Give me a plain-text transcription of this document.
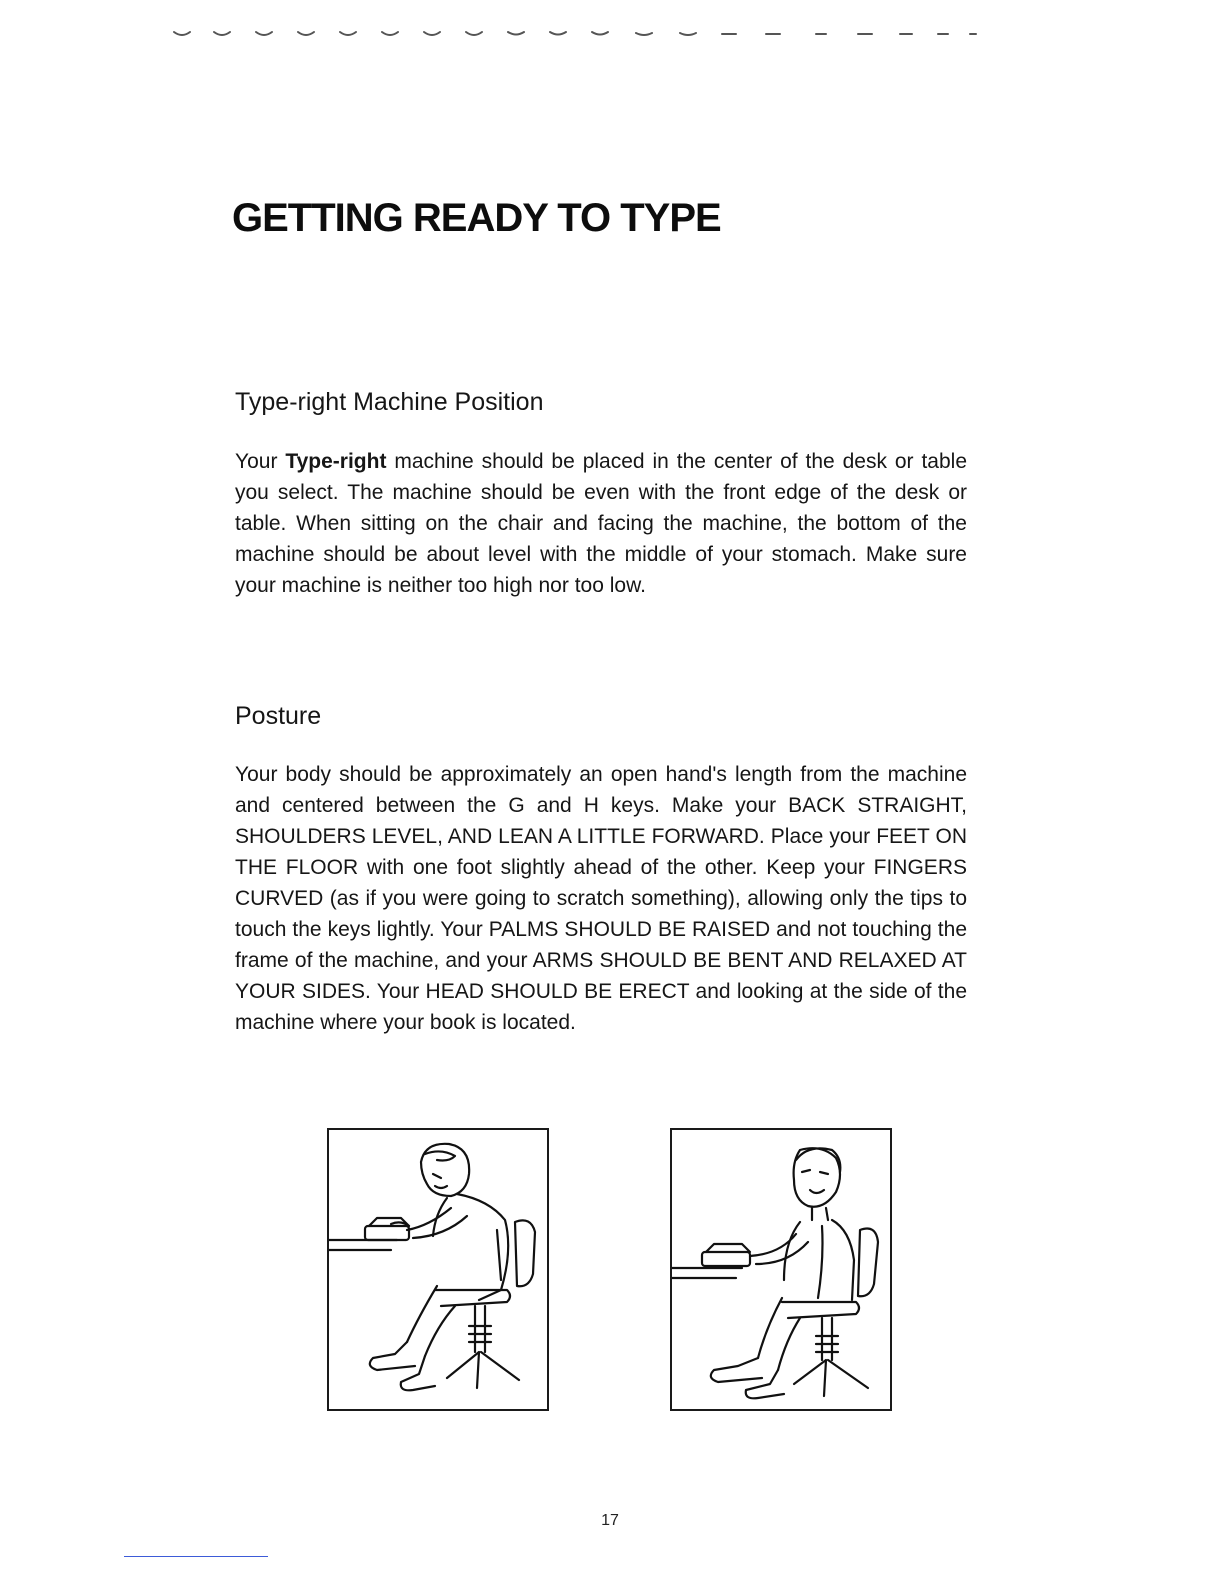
GETTING READY TO TYPE
Type-right Machine Position

Your Type-right machine should be placed in the center of the desk or table you select. The machine should be even with the front edge of the desk or table. When sitting on the chair and facing the machine, the bottom of the machine should be about level with the middle of your stomach. Make sure your machine is neither too high nor too low.

Posture

Your body should be approximately an open hand's length from the machine and centered between the G and H keys. Make your BACK STRAIGHT, SHOULDERS LEVEL, AND LEAN A LITTLE FORWARD. Place your FEET ON THE FLOOR with one foot slightly ahead of the other. Keep your FINGERS CURVED (as if you were going to scratch something), allowing only the tips to touch the keys lightly. Your PALMS SHOULD BE RAISED and not touching the frame of the machine, and your ARMS SHOULD BE BENT AND RELAXED AT YOUR SIDES. Your HEAD SHOULD BE ERECT and looking at the side of the machine where your book is located.

17
